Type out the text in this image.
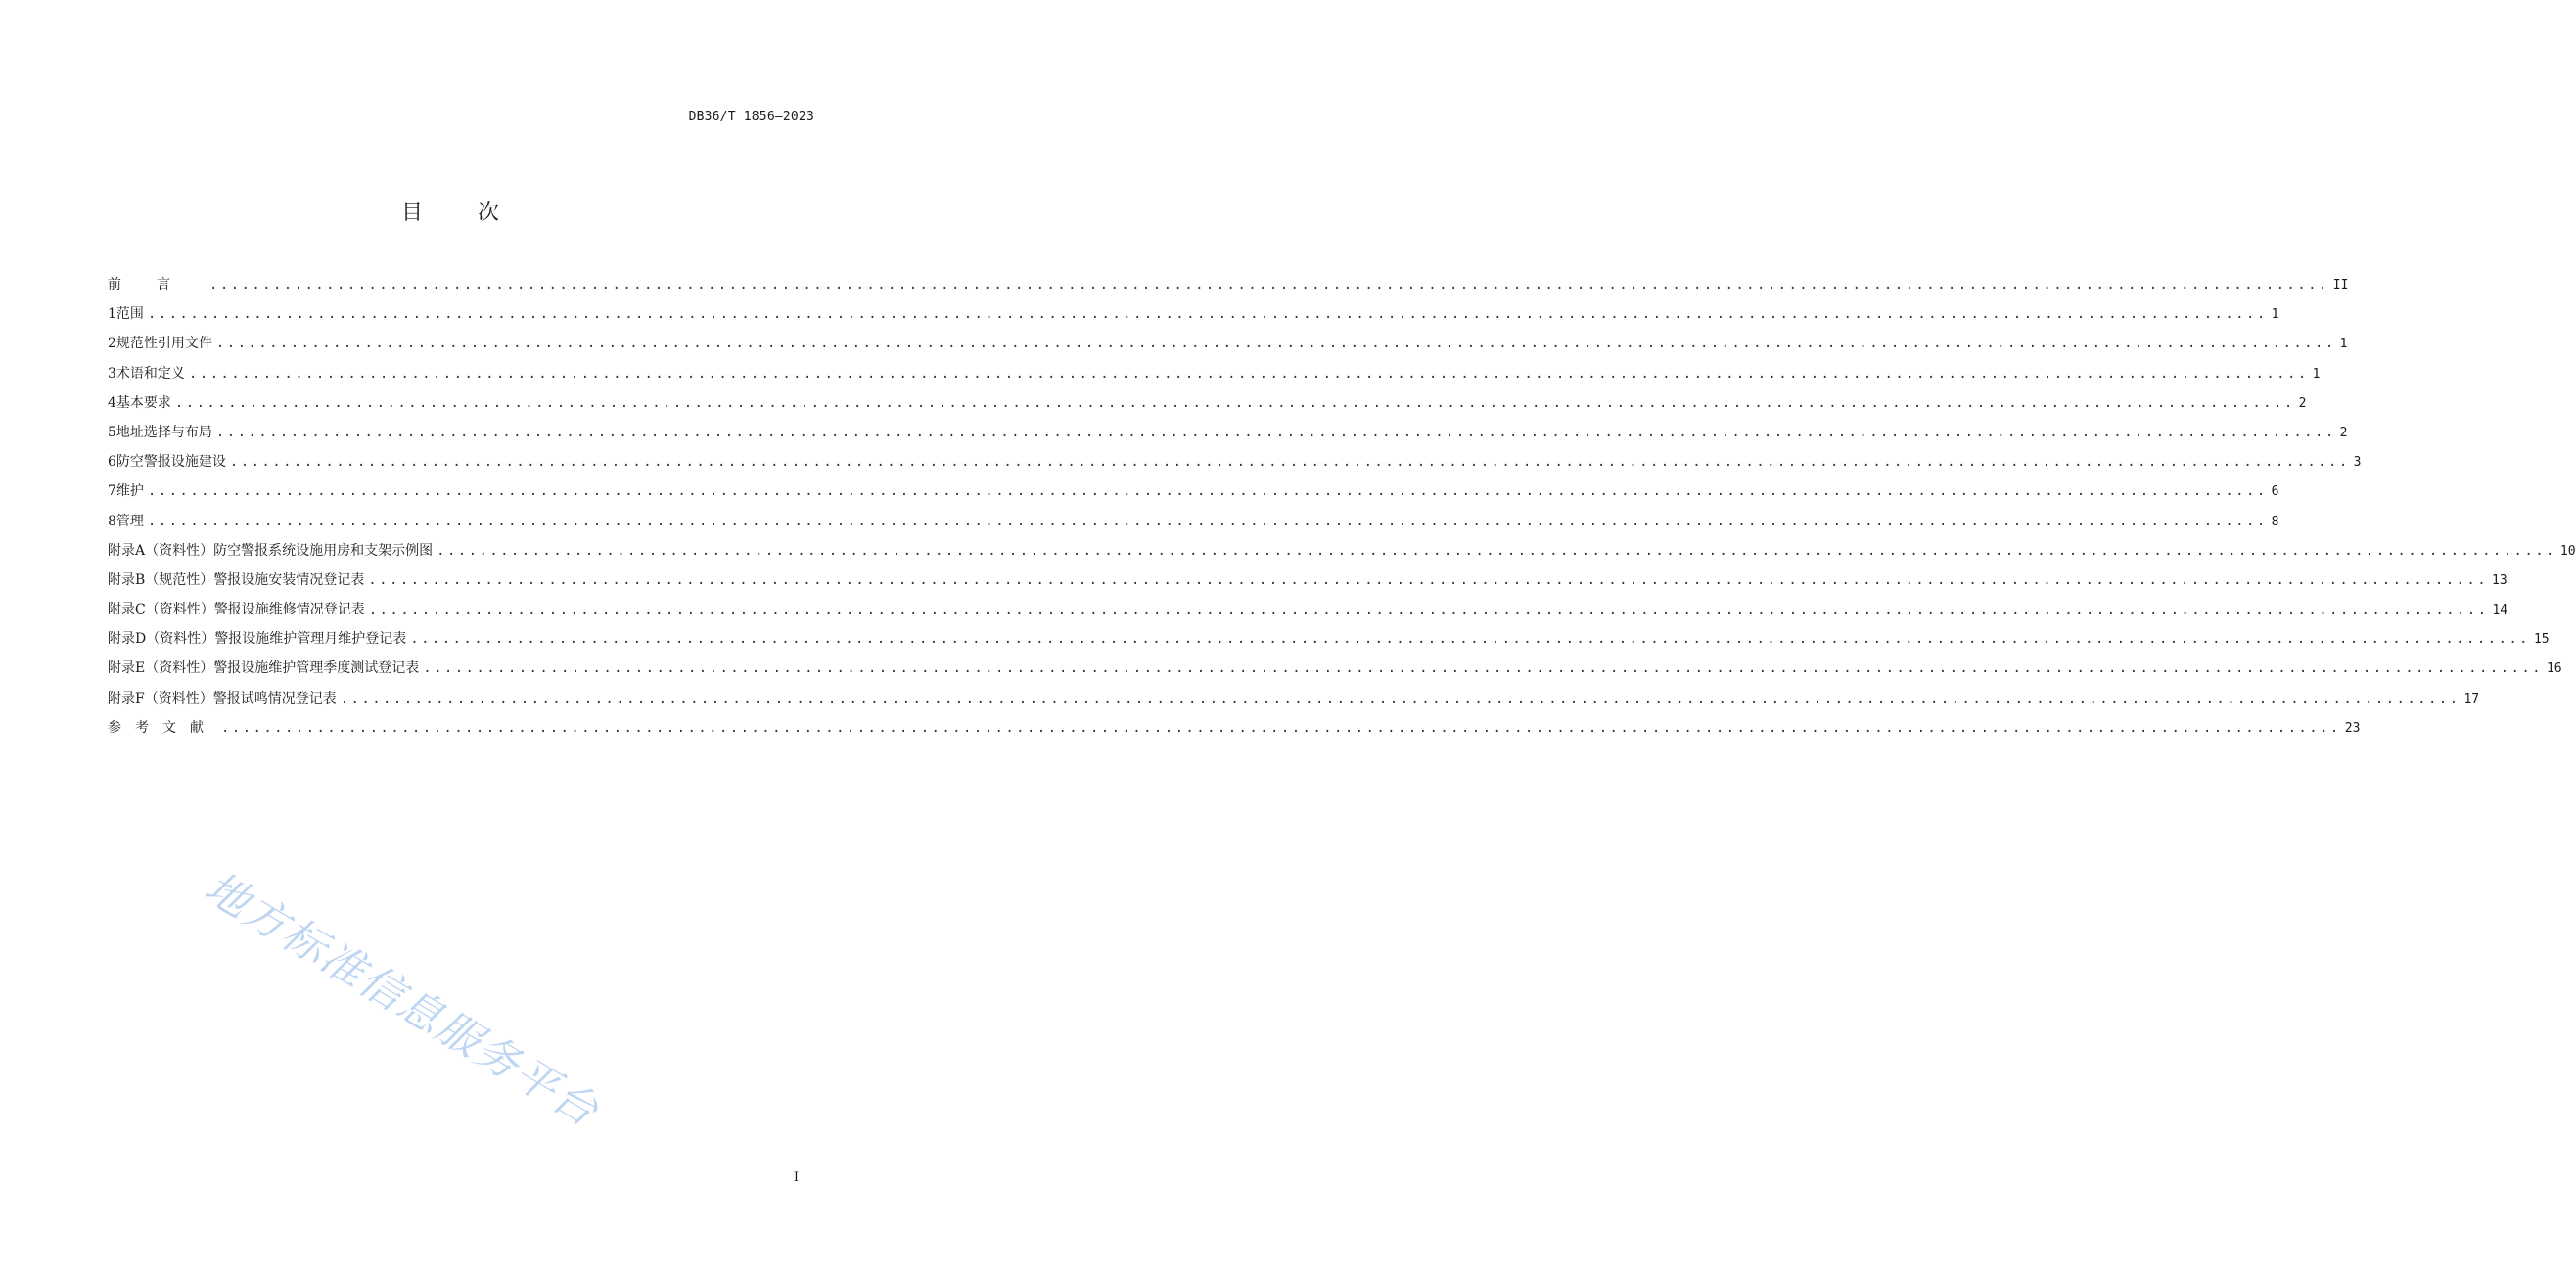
DB36/T 1856—2023
目	次
前言 ........................................................................................................................................................................................................ II
1 范围 ........................................................................................................................................................................................................ 1
2 规范性引用文件 ........................................................................................................................................................................................................ 1
3 术语和定义 ........................................................................................................................................................................................................ 1
4 基本要求 ........................................................................................................................................................................................................ 2
5 地址选择与布局 ........................................................................................................................................................................................................ 2
6 防空警报设施建设 ........................................................................................................................................................................................................ 3
7 维护 ........................................................................................................................................................................................................ 6
8 管理 ........................................................................................................................................................................................................ 8
附录A （资料性） 防空警报系统设施用房和支架示例图 ........................................................................................................................................................................................................ 10
附录B （规范性） 警报设施安装情况登记表 ........................................................................................................................................................................................................ 13
附录C （资料性） 警报设施维修情况登记表 ........................................................................................................................................................................................................ 14
附录D （资料性） 警报设施维护管理月维护登记表 ........................................................................................................................................................................................................ 15
附录E （资料性） 警报设施维护管理季度测试登记表 ........................................................................................................................................................................................................ 16
附录F （资料性） 警报试鸣情况登记表 ........................................................................................................................................................................................................ 17
参考文献 ........................................................................................................................................................................................................ 23
地方标准信息服务平台
I
